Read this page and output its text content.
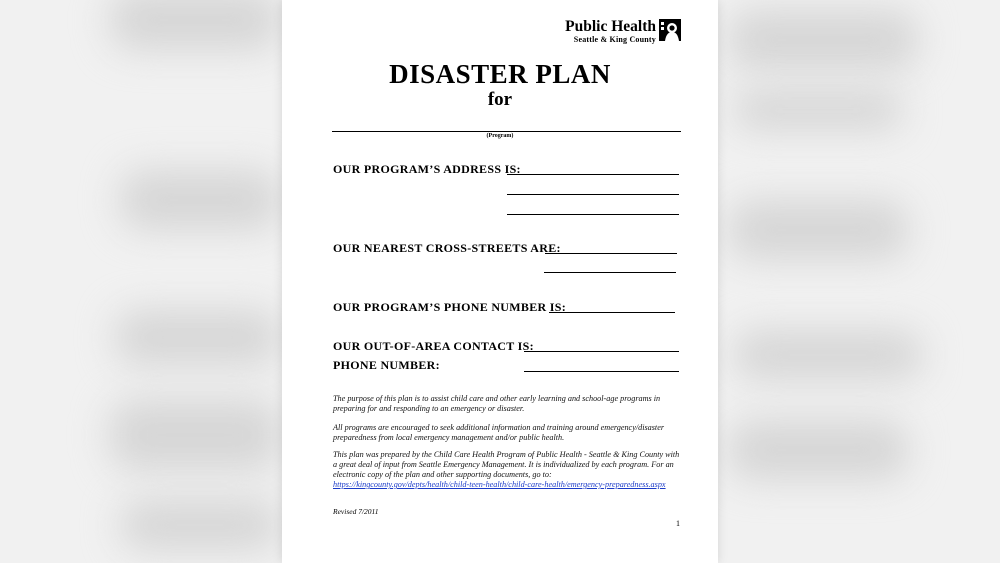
Public Health
Seattle & King County
DISASTER PLAN
for
(Program)
OUR PROGRAM’S ADDRESS IS:
OUR NEAREST CROSS-STREETS ARE:
OUR PROGRAM’S PHONE NUMBER IS:
OUR OUT-OF-AREA CONTACT IS:
PHONE NUMBER:
The purpose of this plan is to assist child care and other early learning and school-age programs in preparing for and responding to an emergency or disaster.
All programs are encouraged to seek additional information and training around emergency/disaster preparedness from local emergency management and/or public health.
This plan was prepared by the Child Care Health Program of Public Health - Seattle & King County with a great deal of input from Seattle Emergency Management. It is individualized by each program. For an electronic copy of the plan and other supporting documents, go to: https://kingcounty.gov/depts/health/child-teen-health/child-care-health/emergency-preparedness.aspx
Revised 7/2011
1
